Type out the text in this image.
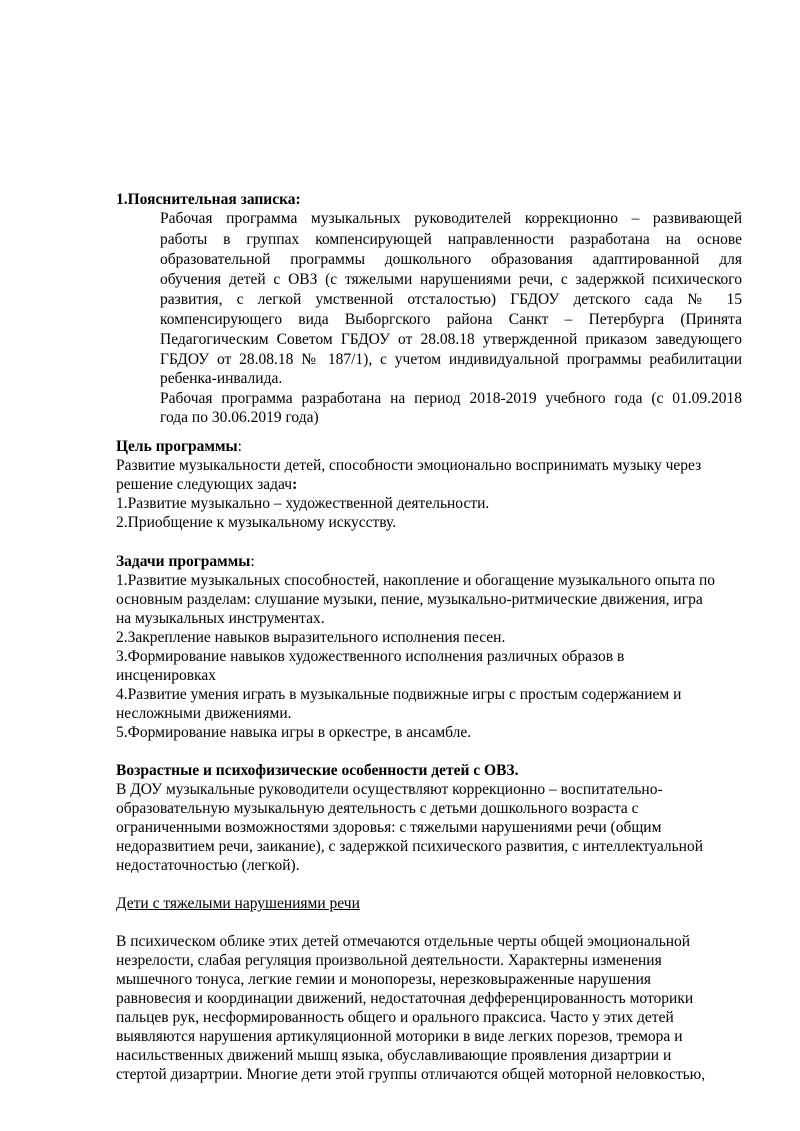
1.Пояснительная записка:
Рабочая программа музыкальных руководителей коррекционно – развивающей
работы в группах компенсирующей направленности разработана на основе
образовательной программы дошкольного образования адаптированной для
обучения детей с ОВЗ (с тяжелыми нарушениями речи, с задержкой психического
развития, с легкой умственной отсталостью) ГБДОУ детского сада № 15
компенсирующего вида Выборгского района Санкт – Петербурга (Принята
Педагогическим Советом ГБДОУ от 28.08.18 утвержденной приказом заведующего
ГБДОУ от 28.08.18 № 187/1), с учетом индивидуальной программы реабилитации
ребенка-инвалида.
Рабочая программа разработана на период 2018-2019 учебного года (с 01.09.2018
года по 30.06.2019 года)
Цель программы:
Развитие музыкальности детей, способности эмоционально воспринимать музыку через
решение следующих задач:
1.Развитие музыкально – художественной деятельности.
2.Приобщение к музыкальному искусству.
Задачи программы:
1.Развитие музыкальных способностей, накопление и обогащение музыкального опыта по
основным разделам: слушание музыки, пение, музыкально-ритмические движения, игра
на музыкальных инструментах.
2.Закрепление навыков выразительного исполнения песен.
3.Формирование навыков художественного исполнения различных образов в
инсценировках
4.Развитие умения играть в музыкальные подвижные игры с простым содержанием и
несложными движениями.
5.Формирование навыка игры в оркестре, в ансамбле.
Возрастные и психофизические особенности детей с ОВЗ.
В ДОУ музыкальные руководители осуществляют коррекционно – воспитательно-
образовательную музыкальную деятельность с детьми дошкольного возраста с
ограниченными возможностями здоровья: с тяжелыми нарушениями речи (общим
недоразвитием речи, заикание), с задержкой психического развития, с интеллектуальной
недостаточностью (легкой).
Дети с тяжелыми нарушениями речи
В психическом облике этих детей отмечаются отдельные черты общей эмоциональной
незрелости, слабая регуляция произвольной деятельности. Характерны изменения
мышечного тонуса, легкие гемии и монопорезы, нерезковыраженные нарушения
равновесия и координации движений, недостаточная дефференцированность моторики
пальцев рук, несформированность общего и орального праксиса. Часто у этих детей
выявляются нарушения артикуляционной моторики в виде легких порезов, тремора и
насильственных движений мышц языка, обуславливающие проявления дизартрии и
стертой дизартрии. Многие дети этой группы отличаются общей моторной неловкостью,
